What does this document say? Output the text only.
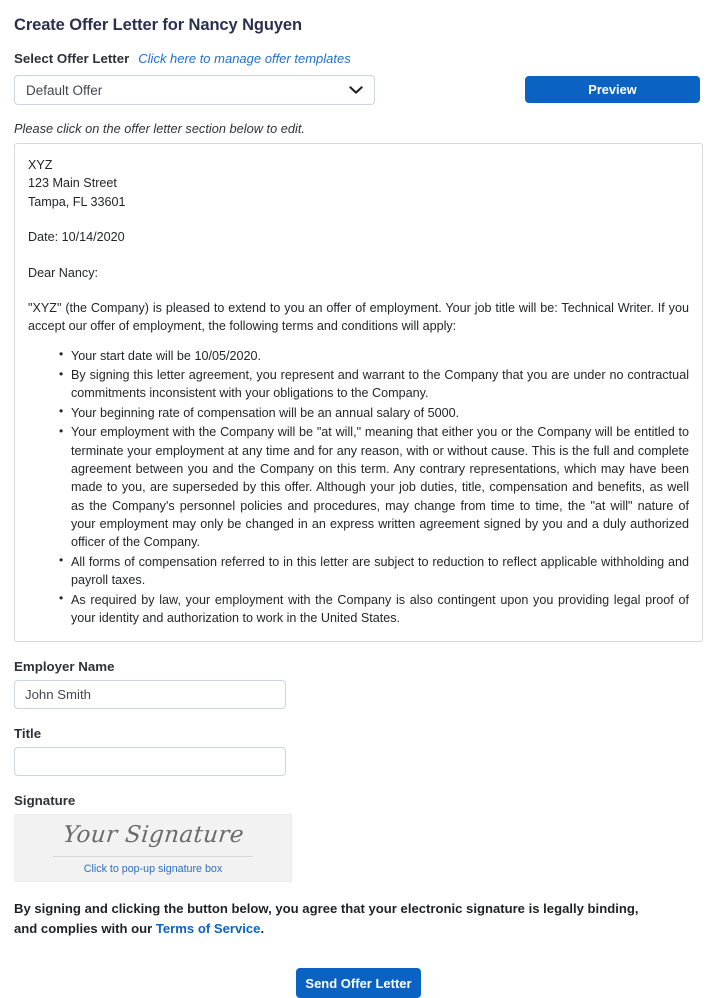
Create Offer Letter for Nancy Nguyen
Select Offer Letter Click here to manage offer templates
Default Offer	Preview
Please click on the offer letter section below to edit.
XYZ
123 Main Street
Tampa, FL 33601
Date: 10/14/2020
Dear Nancy:

"XYZ" (the Company) is pleased to extend to you an offer of employment. Your job title will be: Technical Writer. If you accept our offer of employment, the following terms and conditions will apply:

• Your start date will be 10/05/2020.
• By signing this letter agreement, you represent and warrant to the Company that you are under no contractual commitments inconsistent with your obligations to the Company.
• Your beginning rate of compensation will be an annual salary of 5000.
• Your employment with the Company will be "at will," meaning that either you or the Company will be entitled to terminate your employment at any time and for any reason, with or without cause. This is the full and complete agreement between you and the Company on this term. Any contrary representations, which may have been made to you, are superseded by this offer. Although your job duties, title, compensation and benefits, as well as the Company's personnel policies and procedures, may change from time to time, the "at will" nature of your employment may only be changed in an express written agreement signed by you and a duly authorized officer of the Company.
• All forms of compensation referred to in this letter are subject to reduction to reflect applicable withholding and payroll taxes.
• As required by law, your employment with the Company is also contingent upon you providing legal proof of your identity and authorization to work in the United States.
Employer Name
John Smith
Title
Signature
Your Signature
Click to pop-up signature box
By signing and clicking the button below, you agree that your electronic signature is legally binding, and complies with our Terms of Service.
Send Offer Letter
